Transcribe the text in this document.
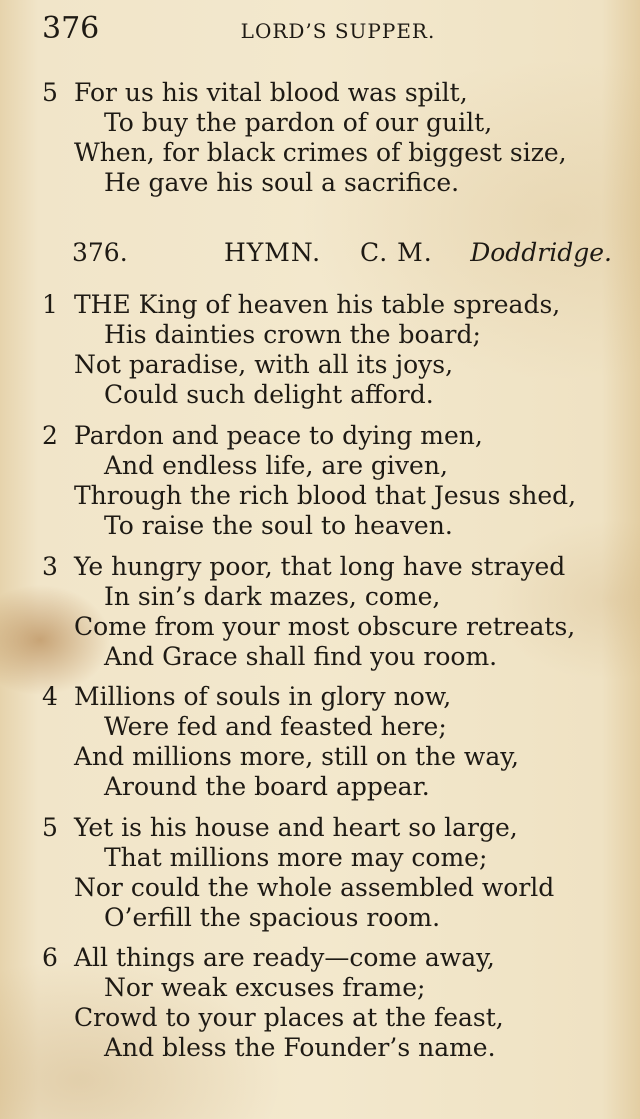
376	LORD’S SUPPER.
5 For us his vital blood was spilt,
To buy the pardon of our guilt,
When, for black crimes of biggest size,
He gave his soul a sacrifice.
376.	HYMN. C. M. Doddridge.
1 THE King of heaven his table spreads,
His dainties crown the board;
Not paradise, with all its joys,
Could such delight afford.
2 Pardon and peace to dying men,
And endless life, are given,
Through the rich blood that Jesus shed,
To raise the soul to heaven.
3 Ye hungry poor, that long have strayed
In sin’s dark mazes, come,
Come from your most obscure retreats,
And Grace shall find you room.
4 Millions of souls in glory now,
Were fed and feasted here;
And millions more, still on the way,
Around the board appear.
5 Yet is his house and heart so large,
That millions more may come;
Nor could the whole assembled world
O’erfill the spacious room.
6 All things are ready—come away,
Nor weak excuses frame;
Crowd to your places at the feast,
And bless the Founder’s name.
